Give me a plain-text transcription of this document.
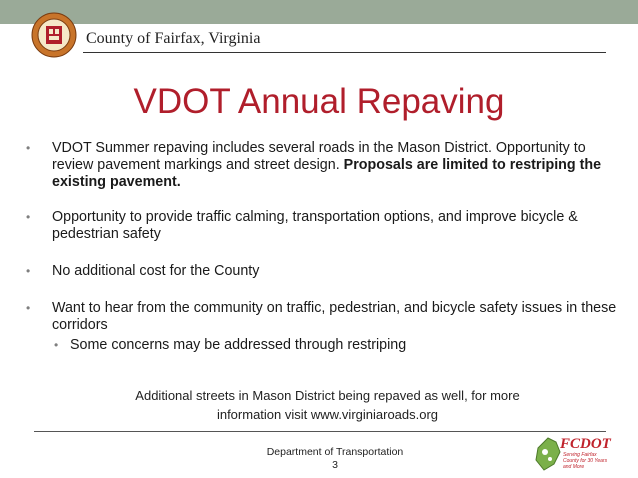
County of Fairfax, Virginia
VDOT Annual Repaving
• VDOT Summer repaving includes several roads in the Mason District. Opportunity to review pavement markings and street design. Proposals are limited to restriping the existing pavement.
• Opportunity to provide traffic calming, transportation options, and improve bicycle & pedestrian safety
• No additional cost for the County
• Want to hear from the community on traffic, pedestrian, and bicycle safety issues in these corridors
• Some concerns may be addressed through restriping
Additional streets in Mason District being repaved as well, for more
information visit www.virginiaroads.org
Department of Transportation
3
FCDOT
Serving Fairfax County for 30 Years and More
